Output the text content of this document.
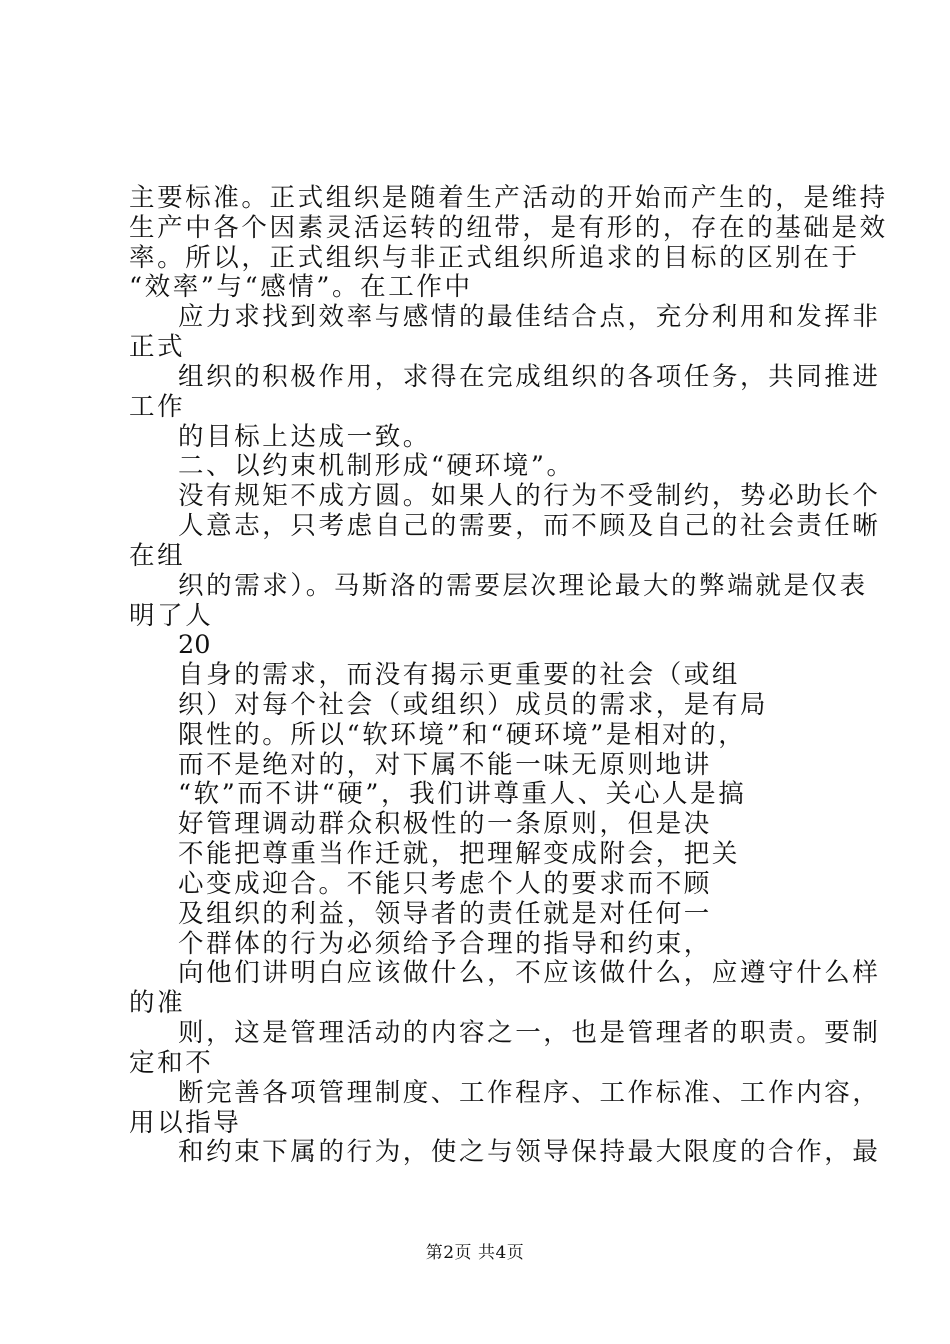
主要标准。正式组织是随着生产活动的开始而产生的，是维持
生产中各个因素灵活运转的纽带，是有形的，存在的基础是效
率。所以，正式组织与非正式组织所追求的目标的区别在于
“效率”与“感情”。在工作中
应力求找到效率与感情的最佳结合点，充分利用和发挥非
正式
组织的积极作用，求得在完成组织的各项任务，共同推进
工作
的目标上达成一致。
二、以约束机制形成“硬环境”。
没有规矩不成方圆。如果人的行为不受制约，势必助长个
人意志，只考虑自己的需要，而不顾及自己的社会责任晰
在组
织的需求）。马斯洛的需要层次理论最大的弊端就是仅表
明了人
20
自身的需求，而没有揭示更重要的社会（或组
织）对每个社会（或组织）成员的需求，是有局
限性的。所以“软环境”和“硬环境”是相对的，
而不是绝对的，对下属不能一味无原则地讲
“软”而不讲“硬”，我们讲尊重人、关心人是搞
好管理调动群众积极性的一条原则，但是决
不能把尊重当作迁就，把理解变成附会，把关
心变成迎合。不能只考虑个人的要求而不顾
及组织的利益，领导者的责任就是对任何一
个群体的行为必须给予合理的指导和约束，
向他们讲明白应该做什么，不应该做什么，应遵守什么样
的准
则，这是管理活动的内容之一，也是管理者的职责。要制
定和不
断完善各项管理制度、工作程序、工作标准、工作内容，
用以指导
和约束下属的行为，使之与领导保持最大限度的合作，最
第2页 共4页
